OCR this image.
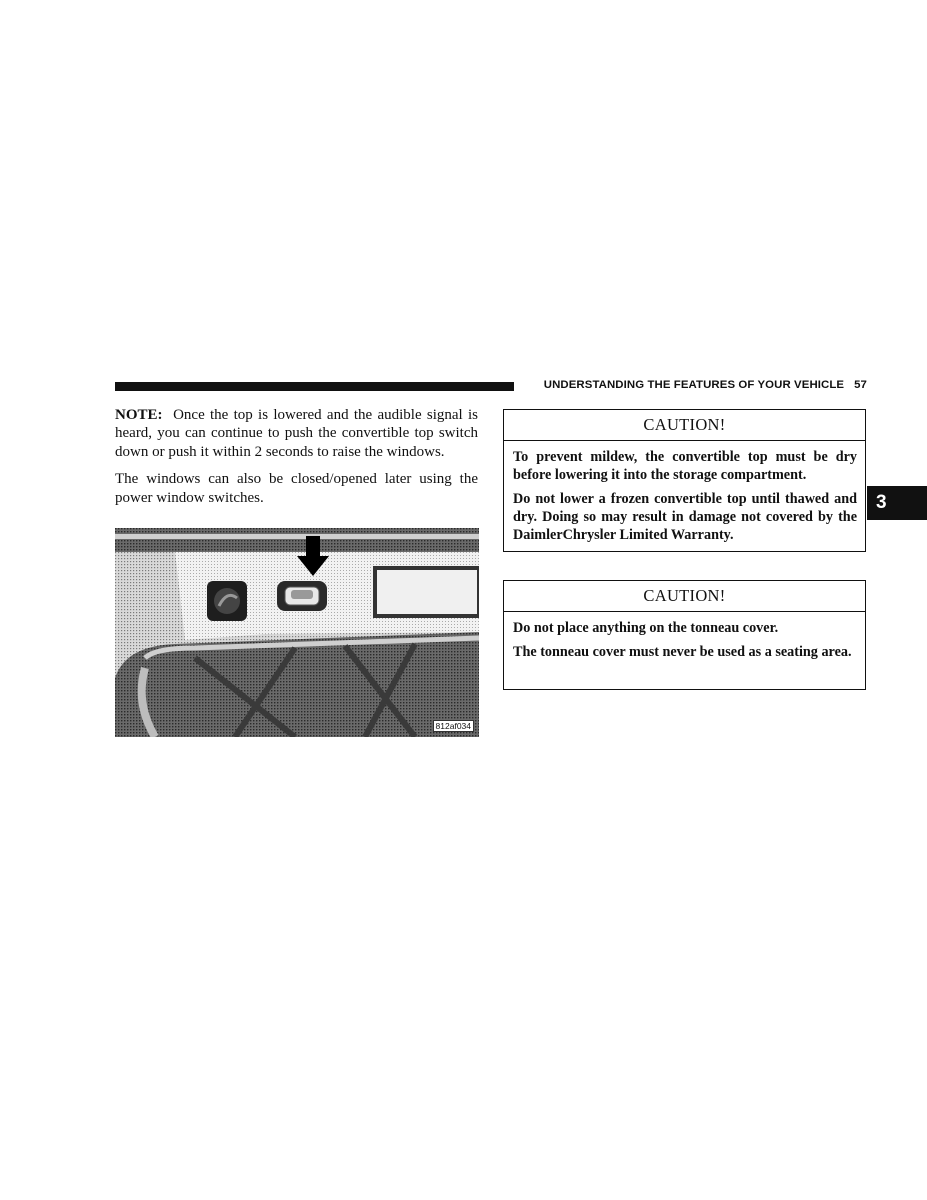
UNDERSTANDING THE FEATURES OF YOUR VEHICLE 57

NOTE: Once the top is lowered and the audible signal is heard, you can continue to push the convertible top switch down or push it within 2 seconds to raise the windows.

The windows can also be closed/opened later using the power window switches.

812af034
CAUTION!

To prevent mildew, the convertible top must be dry before lowering it into the storage compartment.

Do not lower a frozen convertible top until thawed and dry. Doing so may result in damage not covered by the DaimlerChrysler Limited Warranty.

CAUTION!

Do not place anything on the tonneau cover.

The tonneau cover must never be used as a seating area.

3
